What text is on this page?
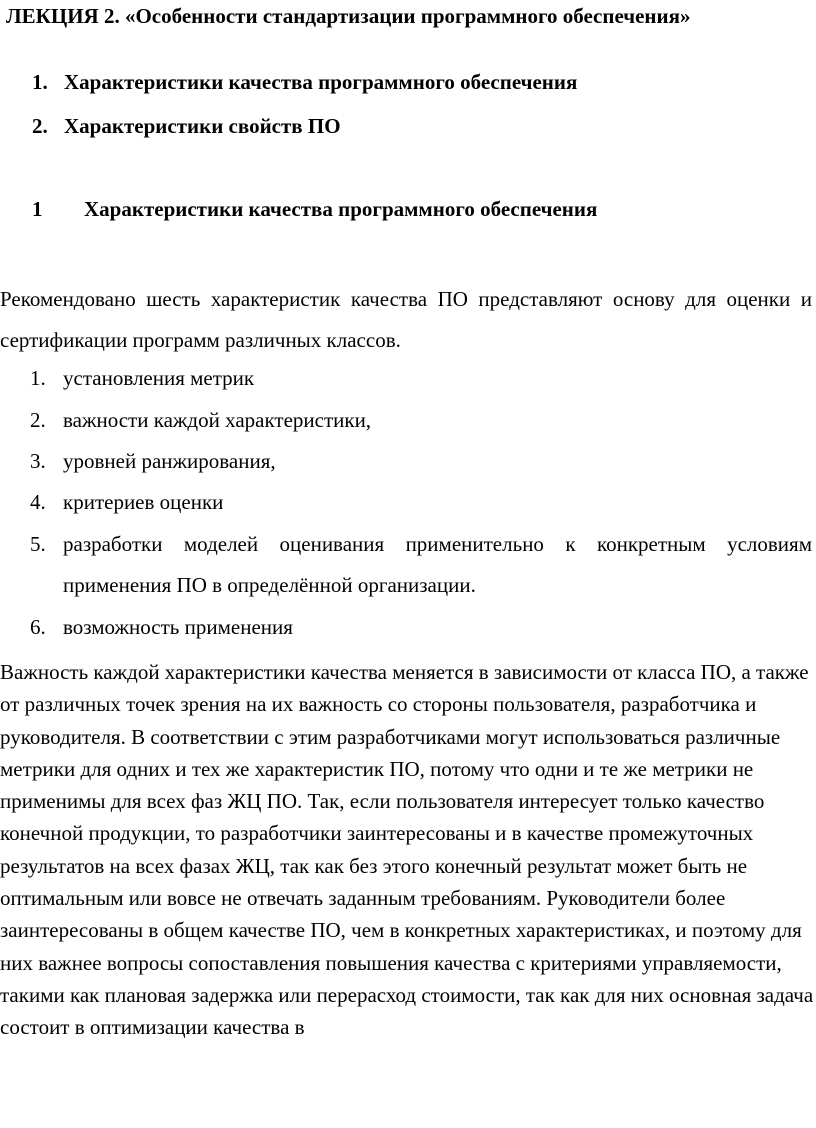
ЛЕКЦИЯ 2. «Особенности стандартизации программного обеспечения»
1. Характеристики качества программного обеспечения
2. Характеристики свойств ПО
1 Характеристики качества программного обеспечения
Рекомендовано шесть характеристик качества ПО представляют основу для оценки и сертификации программ различных классов.
1. установления метрик
2. важности каждой характеристики,
3. уровней ранжирования,
4. критериев оценки
5. разработки моделей оценивания применительно к конкретным условиям применения ПО в определённой организации.
6. возможность применения
Важность каждой характеристики качества меняется в зависимости от класса ПО, а также от различных точек зрения на их важность со стороны пользователя, разработчика и руководителя. В соответствии с этим разработчиками могут использоваться различные метрики для одних и тех же характеристик ПО, потому что одни и те же метрики не применимы для всех фаз ЖЦ ПО. Так, если пользователя интересует только качество конечной продукции, то разработчики заинтересованы и в качестве промежуточных результатов на всех фазах ЖЦ, так как без этого конечный результат может быть не оптимальным или вовсе не отвечать заданным требованиям. Руководители более заинтересованы в общем качестве ПО, чем в конкретных характеристиках, и поэтому для них важнее вопросы сопоставления повышения качества с критериями управляемости, такими как плановая задержка или перерасход стоимости, так как для них основная задача состоит в оптимизации качества в
